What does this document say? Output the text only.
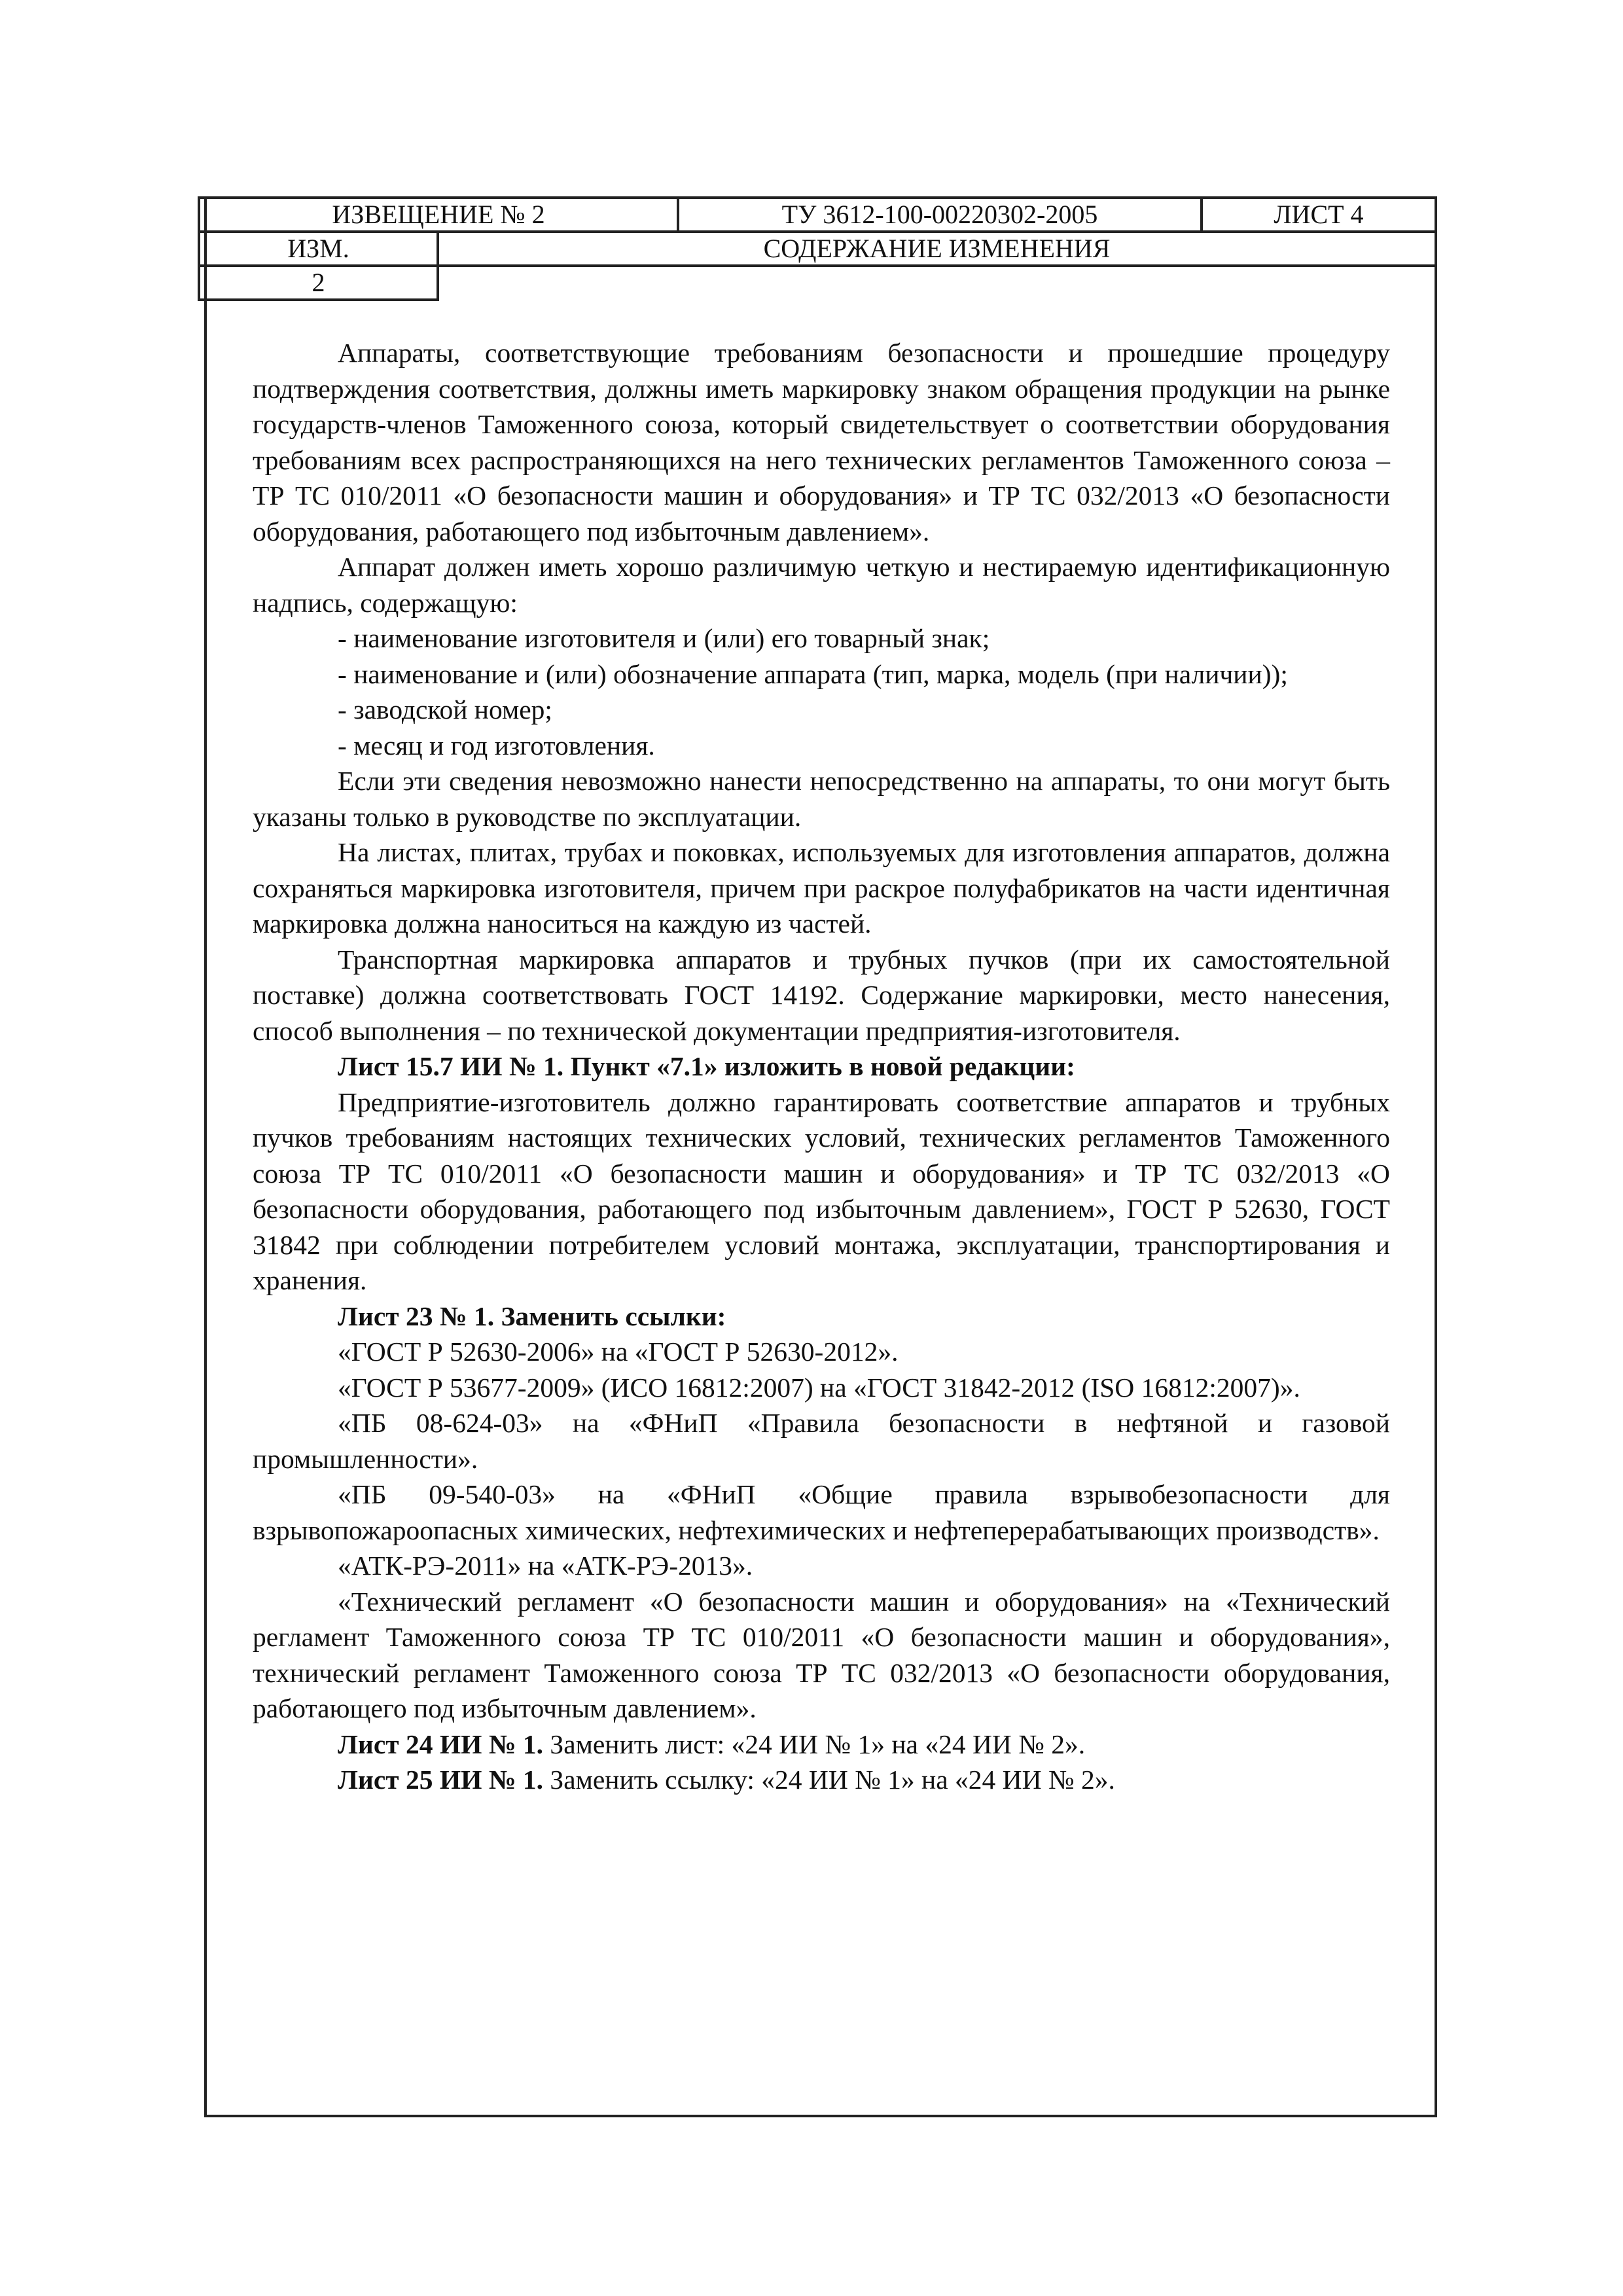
ИЗВЕЩЕНИЕ № 2		ТУ 3612-100-00220302-2005	ЛИСТ 4
ИЗМ.	СОДЕРЖАНИЕ ИЗМЕНЕНИЯ		
2			

Аппараты, соответствующие требованиям безопасности и прошедшие процедуру подтверждения соответствия, должны иметь маркировку знаком обращения продукции на рынке государств-членов Таможенного союза, который свидетельствует о соответствии оборудования требованиям всех распространяющихся на него технических регламентов Таможенного союза – ТР ТС 010/2011 «О безопасности машин и оборудования» и ТР ТС 032/2013 «О безопасности оборудования, работающего под избыточным давлением».

Аппарат должен иметь хорошо различимую четкую и нестираемую идентификационную надпись, содержащую:

- наименование изготовителя и (или) его товарный знак;

- наименование и (или) обозначение аппарата (тип, марка, модель (при наличии));

- заводской номер;

- месяц и год изготовления.

Если эти сведения невозможно нанести непосредственно на аппараты, то они могут быть указаны только в руководстве по эксплуатации.

На листах, плитах, трубах и поковках, используемых для изготовления аппаратов, должна сохраняться маркировка изготовителя, причем при раскрое полуфабрикатов на части идентичная маркировка должна наноситься на каждую из частей.

Транспортная маркировка аппаратов и трубных пучков (при их самостоятельной поставке) должна соответствовать ГОСТ 14192. Содержание маркировки, место нанесения, способ выполнения – по технической документации предприятия-изготовителя.

Лист 15.7 ИИ № 1. Пункт «7.1» изложить в новой редакции:

Предприятие-изготовитель должно гарантировать соответствие аппаратов и трубных пучков требованиям настоящих технических условий, технических регламентов Таможенного союза ТР ТС 010/2011 «О безопасности машин и оборудования» и ТР ТС 032/2013 «О безопасности оборудования, работающего под избыточным давлением», ГОСТ Р 52630, ГОСТ 31842 при соблюдении потребителем условий монтажа, эксплуатации, транспортирования и хранения.

Лист 23 № 1. Заменить ссылки:

«ГОСТ Р 52630-2006» на «ГОСТ Р 52630-2012».

«ГОСТ Р 53677-2009» (ИСО 16812:2007) на «ГОСТ 31842-2012 (ISO 16812:2007)».

«ПБ 08-624-03» на «ФНиП «Правила безопасности в нефтяной и газовой промышленности».

«ПБ 09-540-03» на «ФНиП «Общие правила взрывобезопасности для взрывопожароопасных химических, нефтехимических и нефтеперерабатывающих производств».

«АТК-РЭ-2011» на «АТК-РЭ-2013».

«Технический регламент «О безопасности машин и оборудования» на «Технический регламент Таможенного союза ТР ТС 010/2011 «О безопасности машин и оборудования», технический регламент Таможенного союза ТР ТС 032/2013 «О безопасности оборудования, работающего под избыточным давлением».

Лист 24 ИИ № 1. Заменить лист: «24 ИИ № 1» на «24 ИИ № 2».

Лист 25 ИИ № 1. Заменить ссылку: «24 ИИ № 1» на «24 ИИ № 2».
